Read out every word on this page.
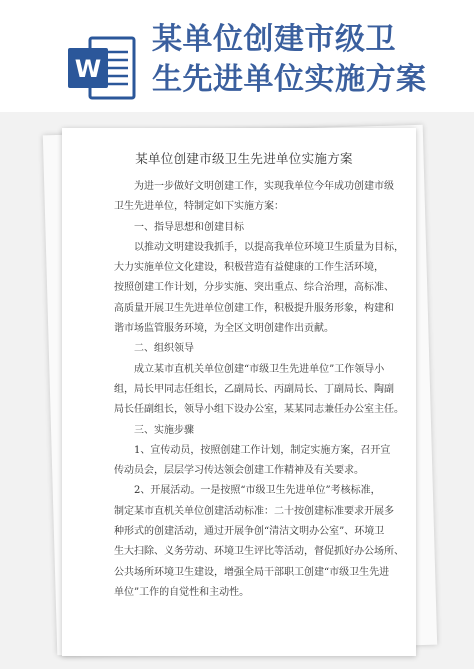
W
某单位创建市级卫
生先进单位实施方案
某单位创建市级卫生先进单位实施方案
为进一步做好文明创建工作，实现我单位今年成功创建市级
卫生先进单位，特制定如下实施方案：
一、指导思想和创建目标
以推动文明建设我抓手，以提高我单位环境卫生质量为目标，
大力实施单位文化建设，积极营造有益健康的工作生活环境，
按照创建工作计划，分步实施、突出重点、综合治理，高标准、
高质量开展卫生先进单位创建工作，积极提升服务形象，构建和
谐市场监管服务环境，为全区文明创建作出贡献。
二、组织领导
成立某市直机关单位创建“市级卫生先进单位”工作领导小
组，局长甲同志任组长，乙副局长、丙副局长、丁副局长、陶副
局长任副组长，领导小组下设办公室，某某同志兼任办公室主任。
三、实施步骤
1、宣传动员，按照创建工作计划，制定实施方案，召开宣
传动员会，层层学习传达领会创建工作精神及有关要求。
2、开展活动。一是按照“市级卫生先进单位”考核标准，
制定某市直机关单位创建活动标准：二十按创建标准要求开展多
种形式的创建活动，通过开展争创“清洁文明办公室”、环境卫
生大扫除、义务劳动、环境卫生评比等活动，督促抓好办公场所、
公共场所环境卫生建设，增强全局干部职工创建“市级卫生先进
单位”工作的自觉性和主动性。
